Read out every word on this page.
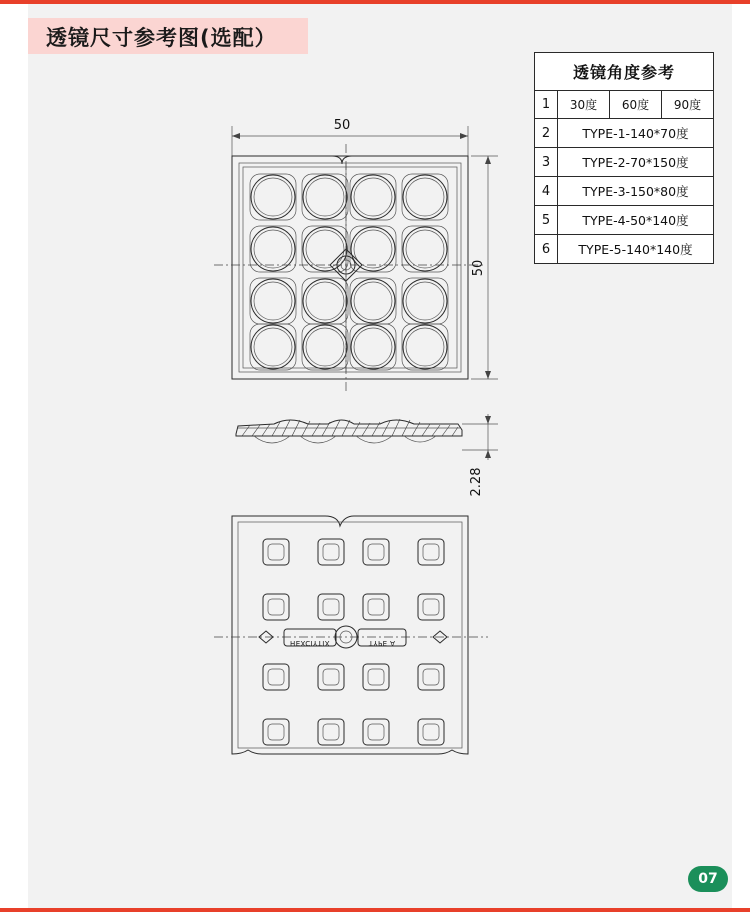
透镜尺寸参考图(选配）
透镜角度参考			
1	30度	60度	90度
2	TYPE-1-140*70度		
3	TYPE-2-70*150度		
4	TYPE-3-150*80度		
5	TYPE-4-50*140度		
6	TYPE-5-140*140度		
50
50
2.28
HEXCIYTIX	TYPE A
07
